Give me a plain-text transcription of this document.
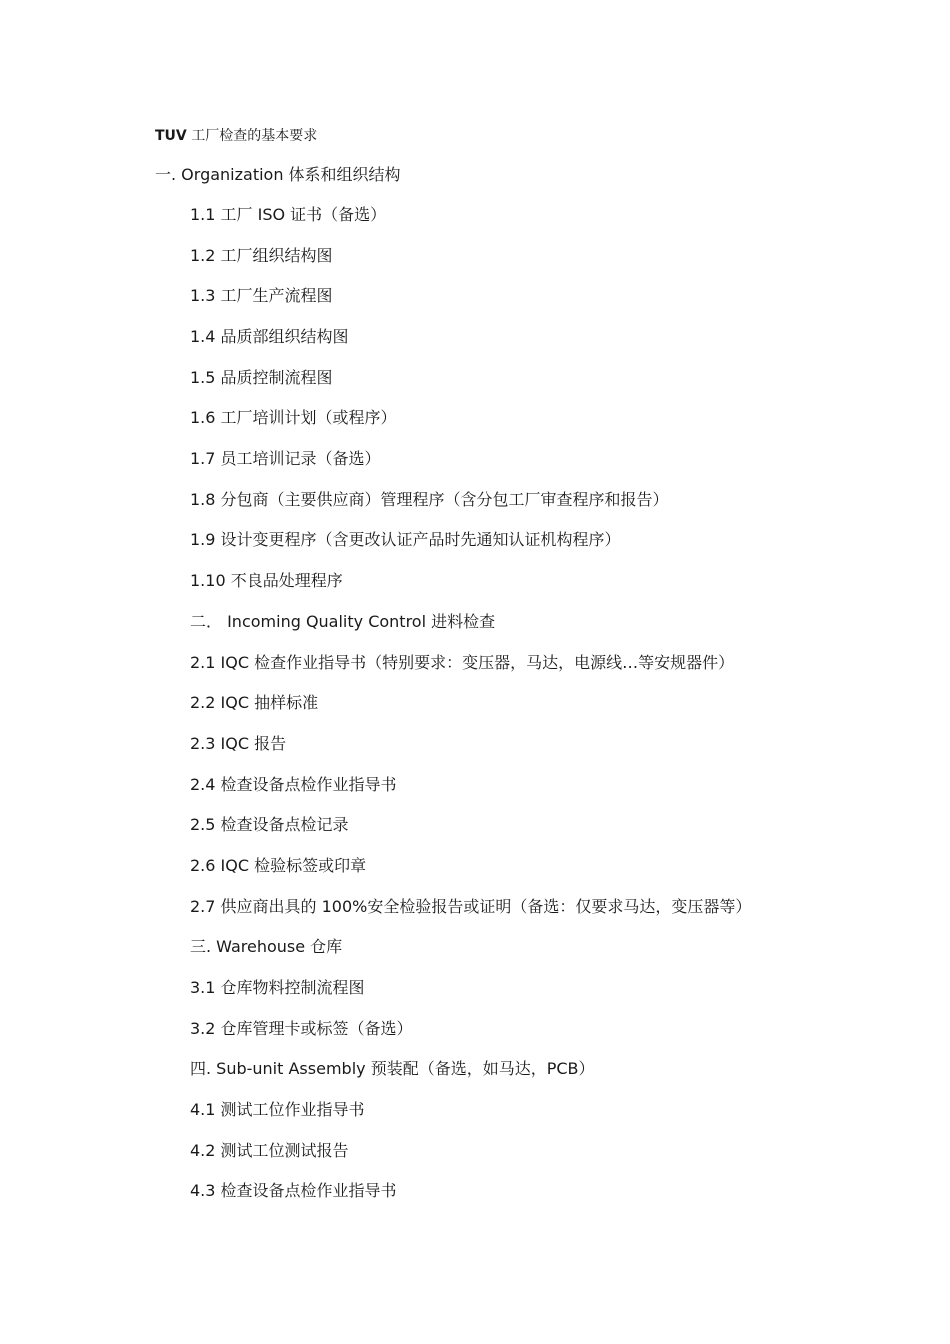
TUV 工厂检查的基本要求
一. Organization 体系和组织结构
1.1 工厂 ISO 证书（备选）
1.2 工厂组织结构图
1.3 工厂生产流程图
1.4 品质部组织结构图
1.5 品质控制流程图
1.6 工厂培训计划（或程序）
1.7 员工培训记录（备选）
1.8 分包商（主要供应商）管理程序（含分包工厂审查程序和报告）
1.9 设计变更程序（含更改认证产品时先通知认证机构程序）
1.10 不良品处理程序
二． Incoming Quality Control 进料检查
2.1 IQC 检查作业指导书（特别要求：变压器，马达，电源线…等安规器件）
2.2 IQC 抽样标准
2.3 IQC 报告
2.4 检查设备点检作业指导书
2.5 检查设备点检记录
2.6 IQC 检验标签或印章
2.7 供应商出具的 100%安全检验报告或证明（备选：仅要求马达，变压器等）
三. Warehouse 仓库
3.1 仓库物料控制流程图
3.2 仓库管理卡或标签（备选）
四. Sub-unit Assembly 预装配（备选，如马达，PCB）
4.1 测试工位作业指导书
4.2 测试工位测试报告
4.3 检查设备点检作业指导书
